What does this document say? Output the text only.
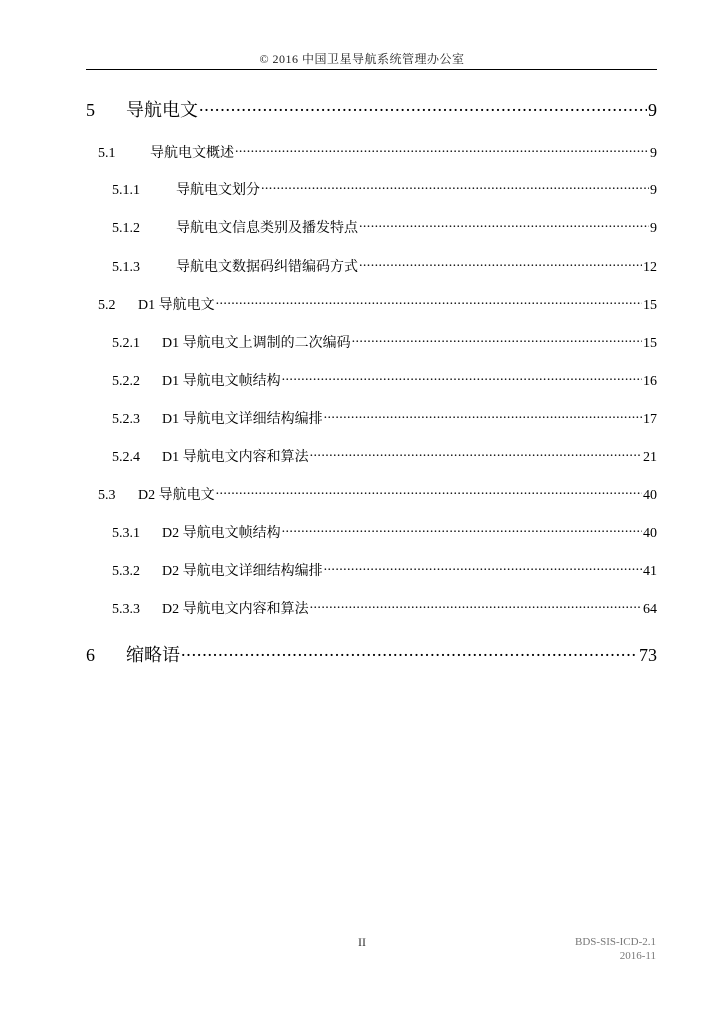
© 2016 中国卫星导航系统管理办公室
5	导航电文 .....	9
5.1	导航电文概述 .....	9
5.1.1	导航电文划分 .....	9
5.1.2	导航电文信息类别及播发特点 .....	9
5.1.3	导航电文数据码纠错编码方式 .....	12
5.2	D1 导航电文 .....	15
5.2.1	D1 导航电文上调制的二次编码 .....	15
5.2.2	D1 导航电文帧结构 .....	16
5.2.3	D1 导航电文详细结构编排 .....	17
5.2.4	D1 导航电文内容和算法 .....	21
5.3	D2 导航电文 .....	40
5.3.1	D2 导航电文帧结构 .....	40
5.3.2	D2 导航电文详细结构编排 .....	41
5.3.3	D2 导航电文内容和算法 .....	64
6	缩略语 .....	73
II	BDS-SIS-ICD-2.1
2016-11
